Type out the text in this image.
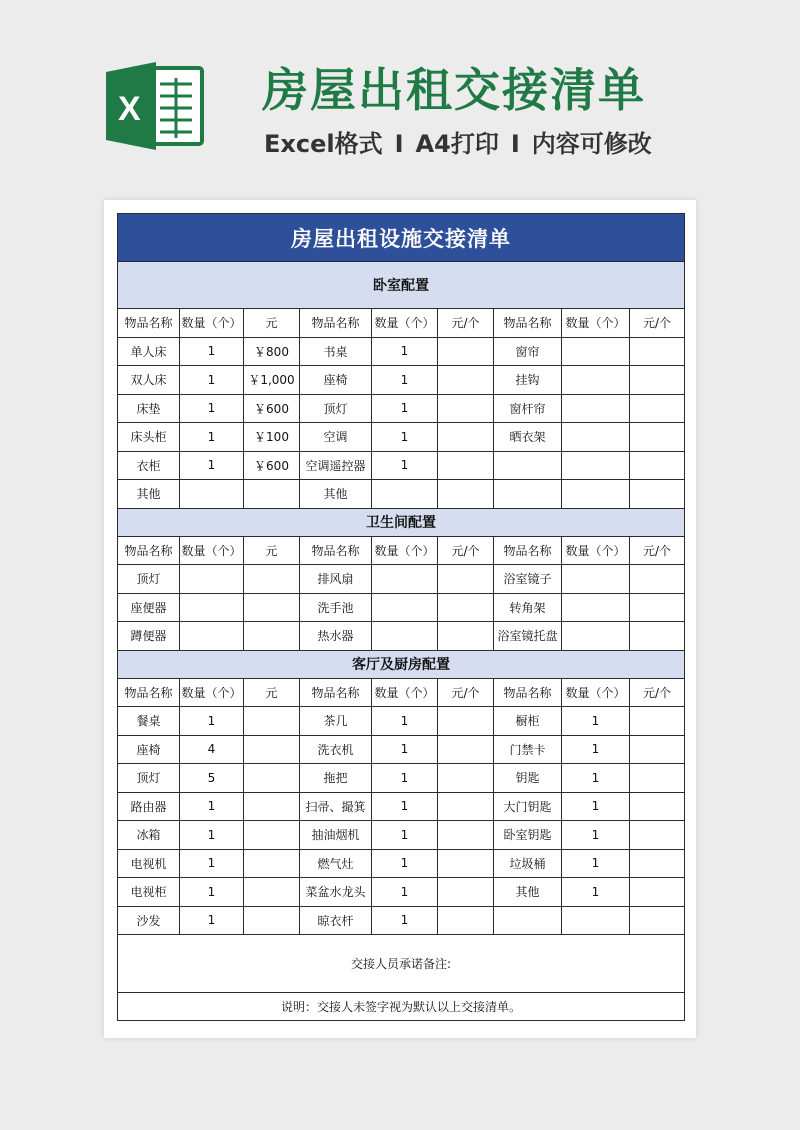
X	房屋出租交接清单
Excel格式 I A4打印 I 内容可修改
房屋出租设施交接清单								
卧室配置								
物品名称	数量（个）	元	物品名称	数量（个）	元/个	物品名称	数量（个）	元/个
单人床	1	￥800	书桌	1		窗帘		
双人床	1	￥1,000	座椅	1		挂钩		
床垫	1	￥600	顶灯	1		窗杆帘		
床头柜	1	￥100	空调	1		晒衣架		
衣柜	1	￥600	空调遥控器	1				
其他			其他					
卫生间配置								
物品名称	数量（个）	元	物品名称	数量（个）	元/个	物品名称	数量（个）	元/个
顶灯			排风扇			浴室镜子		
座便器			洗手池			转角架		
蹲便器			热水器			浴室镜托盘		
客厅及厨房配置								
物品名称	数量（个）	元	物品名称	数量（个）	元/个	物品名称	数量（个）	元/个
餐桌	1		茶几	1		橱柜	1	
座椅	4		洗衣机	1		门禁卡	1	
顶灯	5		拖把	1		钥匙	1	
路由器	1		扫帚、撮箕	1		大门钥匙	1	
冰箱	1		抽油烟机	1		卧室钥匙	1	
电视机	1		燃气灶	1		垃圾桶	1	
电视柜	1		菜盆水龙头	1		其他	1	
沙发	1		晾衣杆	1				
交接人员承诺备注:								
说明：交接人未签字视为默认以上交接清单。								
